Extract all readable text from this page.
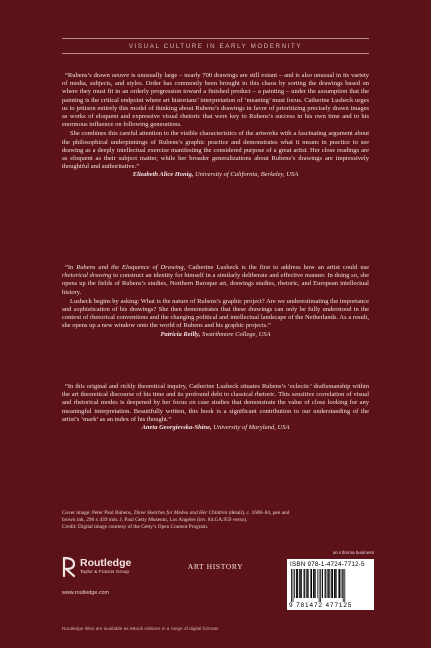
VISUAL CULTURE IN EARLY MODERNITY

“Rubens’s drawn oeuvre is unusually large – nearly 700 drawings are still extant – and is also unusual in its variety of media, subjects, and styles. Order has commonly been brought to this chaos by sorting the drawings based on where they must fit in an orderly progression toward a finished product – a painting – under the assumption that the painting is the critical endpoint where art historians’ interpretation of ‘meaning’ must focus. Catherine Lusheck urges us to jettison entirely this model of thinking about Rubens’s drawings in favor of prioritizing precisely drawn images as works of eloquent and expressive visual rhetoric that were key to Rubens’s success in his own time and to his enormous influence on following generations.

She combines this careful attention to the visible characteristics of the artworks with a fascinating argument about the philosophical underpinnings of Rubens’s graphic practice and demonstrates what it means in practice to see drawing as a deeply intellectual exercise manifesting the considered purpose of a great artist. Her close readings are as eloquent as their subject matter, while her broader generalizations about Rubens’s drawings are impressively thoughtful and authoritative.”

Elizabeth Alice Honig, University of California, Berkeley, USA

“In Rubens and the Eloquence of Drawing, Catherine Lusheck is the first to address how an artist could use rhetorical drawing to construct an identity for himself in a similarly deliberate and effective manner. In doing so, she opens up the fields of Rubens’s studies, Northern Baroque art, drawings studies, rhetoric, and European intellectual history.

Lusheck begins by asking: What is the nature of Rubens’s graphic project? Are we underestimating the importance and sophistication of his drawings? She then demonstrates that these drawings can only be fully understood in the context of rhetorical conventions and the changing political and intellectual landscape of the Netherlands. As a result, she opens up a new window onto the world of Rubens and his graphic projects.”

Patricia Reilly, Swarthmore College, USA

“In this original and richly theoretical inquiry, Catherine Lusheck situates Rubens’s ‘eclectic’ draftsmanship within the art theoretical discourse of his time and its profound debt to classical rhetoric. This sensitive correlation of visual and rhetorical modes is deepened by her focus on case studies that demonstrate the value of close looking for any meaningful interpretation. Beautifully written, this book is a significant contribution to our understanding of the artist’s ‘mark’ as an index of his thought.”

Aneta Georgievska-Shine, University of Maryland, USA
ART HISTORY
Cover image: Peter Paul Rubens, Three Sketches for Medea and Her Children (detail), c. 1600–04, pen and
brown ink, 296 x 439 mm. J. Paul Getty Museum, Los Angeles (inv. 84.GA.959 verso).
Credit: Digital image courtesy of the Getty’s Open Content Program.
Routledge
Taylor & Francis Group
www.routledge.com
an informa business
ISBN 978-1-4724-7712-5
9 781472 477125
Routledge titles are available as eBook editions in a range of digital formats
